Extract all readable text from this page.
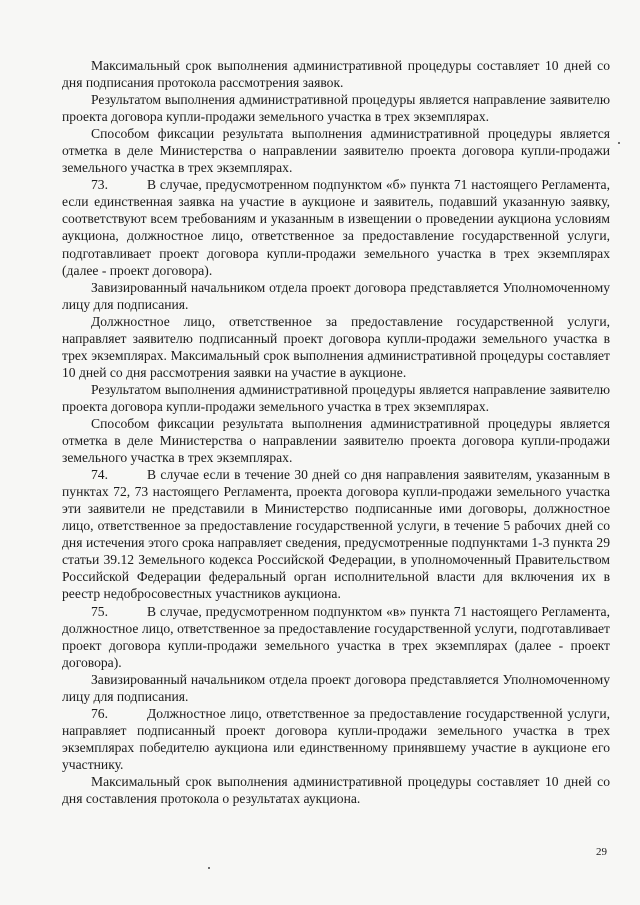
Максимальный срок выполнения административной процедуры составляет 10 дней со дня подписания протокола рассмотрения заявок.

Результатом выполнения административной процедуры является направление заявителю проекта договора купли-продажи земельного участка в трех экземплярах.

Способом фиксации результата выполнения административной процедуры является отметка в деле Министерства о направлении заявителю проекта договора купли-продажи земельного участка в трех экземплярах.

73.	В случае, предусмотренном подпунктом «б» пункта 71 настоящего Регламента, если единственная заявка на участие в аукционе и заявитель, подавший указанную заявку, соответствуют всем требованиям и указанным в извещении о проведении аукциона условиям аукциона, должностное лицо, ответственное за предоставление государственной услуги, подготавливает проект договора купли-продажи земельного участка в трех экземплярах (далее - проект договора).

Завизированный начальником отдела проект договора представляется Уполномоченному лицу для подписания.

Должностное лицо, ответственное за предоставление государственной услуги, направляет заявителю подписанный проект договора купли-продажи земельного участка в трех экземплярах. Максимальный срок выполнения административной процедуры составляет 10 дней со дня рассмотрения заявки на участие в аукционе.

Результатом выполнения административной процедуры является направление заявителю проекта договора купли-продажи земельного участка в трех экземплярах.

Способом фиксации результата выполнения административной процедуры является отметка в деле Министерства о направлении заявителю проекта договора купли-продажи земельного участка в трех экземплярах.

74.	В случае если в течение 30 дней со дня направления заявителям, указанным в пунктах 72, 73 настоящего Регламента, проекта договора купли-продажи земельного участка эти заявители не представили в Министерство подписанные ими договоры, должностное лицо, ответственное за предоставление государственной услуги, в течение 5 рабочих дней со дня истечения этого срока направляет сведения, предусмотренные подпунктами 1-3 пункта 29 статьи 39.12 Земельного кодекса Российской Федерации, в уполномоченный Правительством Российской Федерации федеральный орган исполнительной власти для включения их в реестр недобросовестных участников аукциона.

75.	В случае, предусмотренном подпунктом «в» пункта 71 настоящего Регламента, должностное лицо, ответственное за предоставление государственной услуги, подготавливает проект договора купли-продажи земельного участка в трех экземплярах (далее - проект договора).

Завизированный начальником отдела проект договора представляется Уполномоченному лицу для подписания.

76.	Должностное лицо, ответственное за предоставление государственной услуги, направляет подписанный проект договора купли-продажи земельного участка в трех экземплярах победителю аукциона или единственному принявшему участие в аукционе его участнику.

Максимальный срок выполнения административной процедуры составляет 10 дней со дня составления протокола о результатах аукциона.

29
